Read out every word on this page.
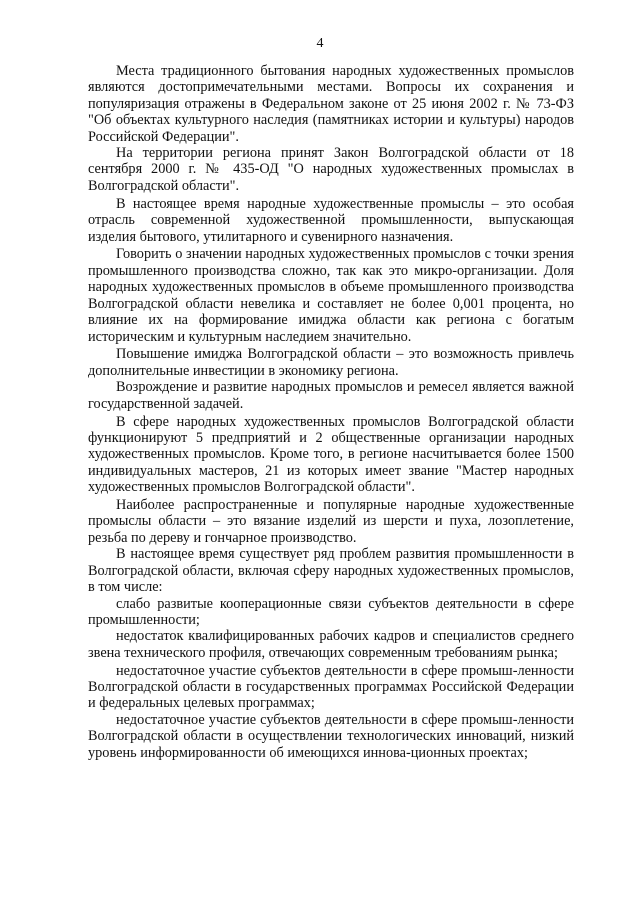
4

Места традиционного бытования народных художественных промыслов являются достопримечательными местами. Вопросы их сохранения и популяризация отражены в Федеральном законе от 25 июня 2002 г. № 73-ФЗ "Об объектах культурного наследия (памятниках истории и культуры) народов Российской Федерации".

На территории региона принят Закон Волгоградской области от 18 сентября 2000 г. № 435-ОД "О народных художественных промыслах в Волгоградской области".

В настоящее время народные художественные промыслы – это особая отрасль современной художественной промышленности, выпускающая изделия бытового, утилитарного и сувенирного назначения.

Говорить о значении народных художественных промыслов с точки зрения промышленного производства сложно, так как это микро-организации. Доля народных художественных промыслов в объеме промышленного производства Волгоградской области невелика и составляет не более 0,001 процента, но влияние их на формирование имиджа области как региона с богатым историческим и культурным наследием значительно.

Повышение имиджа Волгоградской области – это возможность привлечь дополнительные инвестиции в экономику региона.

Возрождение и развитие народных промыслов и ремесел является важной государственной задачей.

В сфере народных художественных промыслов Волгоградской области функционируют 5 предприятий и 2 общественные организации народных художественных промыслов. Кроме того, в регионе насчитывается более 1500 индивидуальных мастеров, 21 из которых имеет звание "Мастер народных художественных промыслов Волгоградской области".

Наиболее распространенные и популярные народные художественные промыслы области – это вязание изделий из шерсти и пуха, лозоплетение, резьба по дереву и гончарное производство.

В настоящее время существует ряд проблем развития промышленности в Волгоградской области, включая сферу народных художественных промыслов, в том числе:

слабо развитые кооперационные связи субъектов деятельности в сфере промышленности;

недостаток квалифицированных рабочих кадров и специалистов среднего звена технического профиля, отвечающих современным требованиям рынка;

недостаточное участие субъектов деятельности в сфере промыш-ленности Волгоградской области в государственных программах Российской Федерации и федеральных целевых программах;

недостаточное участие субъектов деятельности в сфере промыш-ленности Волгоградской области в осуществлении технологических инноваций, низкий уровень информированности об имеющихся иннова-ционных проектах;
